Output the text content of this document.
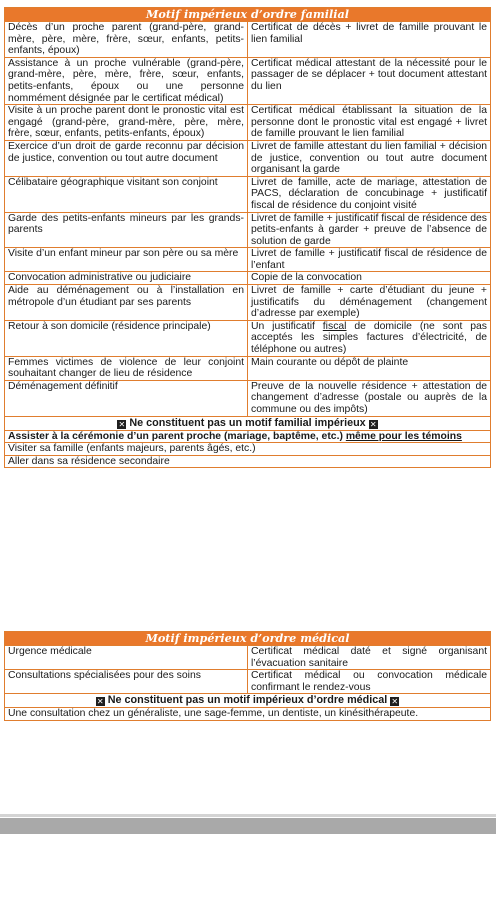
Motif impérieux d’ordre familial	
Décès d’un proche parent (grand-père, grand-mère, père, mère, frère, sœur, enfants, petits-enfants, époux)	Certificat de décès + livret de famille prouvant le lien familial
Assistance à un proche vulnérable (grand-père, grand-mère, père, mère, frère, sœur, enfants, petits-enfants, époux ou une personne nommément désignée par le certificat médical)	Certificat médical attestant de la nécessité pour le passager de se déplacer + tout document attestant du lien
Visite à un proche parent dont le pronostic vital est engagé (grand-père, grand-mère, père, mère, frère, sœur, enfants, petits-enfants, époux)	Certificat médical établissant la situation de la personne dont le pronostic vital est engagé + livret de famille prouvant le lien familial
Exercice d’un droit de garde reconnu par décision de justice, convention ou tout autre document	Livret de famille attestant du lien familial + décision de justice, convention ou tout autre document organisant la garde
Célibataire géographique visitant son conjoint	Livret de famille, acte de mariage, attestation de PACS, déclaration de concubinage + justificatif fiscal de résidence du conjoint visité
Garde des petits-enfants mineurs par les grands-parents	Livret de famille + justificatif fiscal de résidence des petits-enfants à garder + preuve de l’absence de solution de garde
Visite d’un enfant mineur par son père ou sa mère	Livret de famille + justificatif fiscal de résidence de l’enfant
Convocation administrative ou judiciaire	Copie de la convocation
Aide au déménagement ou à l’installation en métropole d’un étudiant par ses parents	Livret de famille + carte d’étudiant du jeune + justificatifs du déménagement (changement d’adresse par exemple)
Retour à son domicile (résidence principale)	Un justificatif fiscal de domicile (ne sont pas acceptés les simples factures d’électricité, de téléphone ou autres)
Femmes victimes de violence de leur conjoint souhaitant changer de lieu de résidence	Main courante ou dépôt de plainte
Déménagement définitif	Preuve de la nouvelle résidence + attestation de changement d’adresse (postale ou auprès de la commune ou des impôts)
✕ Ne constituent pas un motif familial impérieux ✕	
Assister à la cérémonie d’un parent proche (mariage, baptême, etc.) même pour les témoins	
Visiter sa famille (enfants majeurs, parents âgés, etc.)	
Aller dans sa résidence secondaire	
Motif impérieux d’ordre médical	
Urgence médicale	Certificat médical daté et signé organisant l’évacuation sanitaire
Consultations spécialisées pour des soins	Certificat médical ou convocation médicale confirmant le rendez-vous
✕ Ne constituent pas un motif impérieux d’ordre médical ✕	
Une consultation chez un généraliste, une sage-femme, un dentiste, un kinésithérapeute.	
